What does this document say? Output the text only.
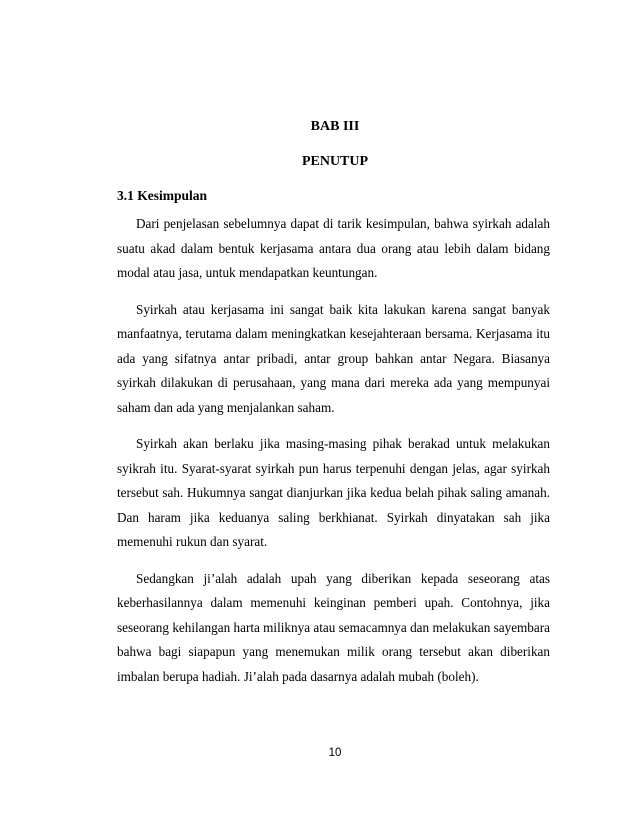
BAB III
PENUTUP
3.1 Kesimpulan

Dari penjelasan sebelumnya dapat di tarik kesimpulan, bahwa syirkah adalah suatu akad dalam bentuk kerjasama antara dua orang atau lebih dalam bidang modal atau jasa, untuk mendapatkan keuntungan.

Syirkah atau kerjasama ini sangat baik kita lakukan karena sangat banyak manfaatnya, terutama dalam meningkatkan kesejahteraan bersama. Kerjasama itu ada yang sifatnya antar pribadi, antar group bahkan antar Negara. Biasanya syirkah dilakukan di perusahaan, yang mana dari mereka ada yang mempunyai saham dan ada yang menjalankan saham.

Syirkah akan berlaku jika masing-masing pihak berakad untuk melakukan syikrah itu. Syarat-syarat syirkah pun harus terpenuhi dengan jelas, agar syirkah tersebut sah. Hukumnya sangat dianjurkan jika kedua belah pihak saling amanah. Dan haram jika keduanya saling berkhianat. Syirkah dinyatakan sah jika memenuhi rukun dan syarat.

Sedangkan ji’alah adalah upah yang diberikan kepada seseorang atas keberhasilannya dalam memenuhi keinginan pemberi upah. Contohnya, jika seseorang kehilangan harta miliknya atau semacamnya dan melakukan sayembara bahwa bagi siapapun yang menemukan milik orang tersebut akan diberikan imbalan berupa hadiah. Ji’alah pada dasarnya adalah mubah (boleh).

10
